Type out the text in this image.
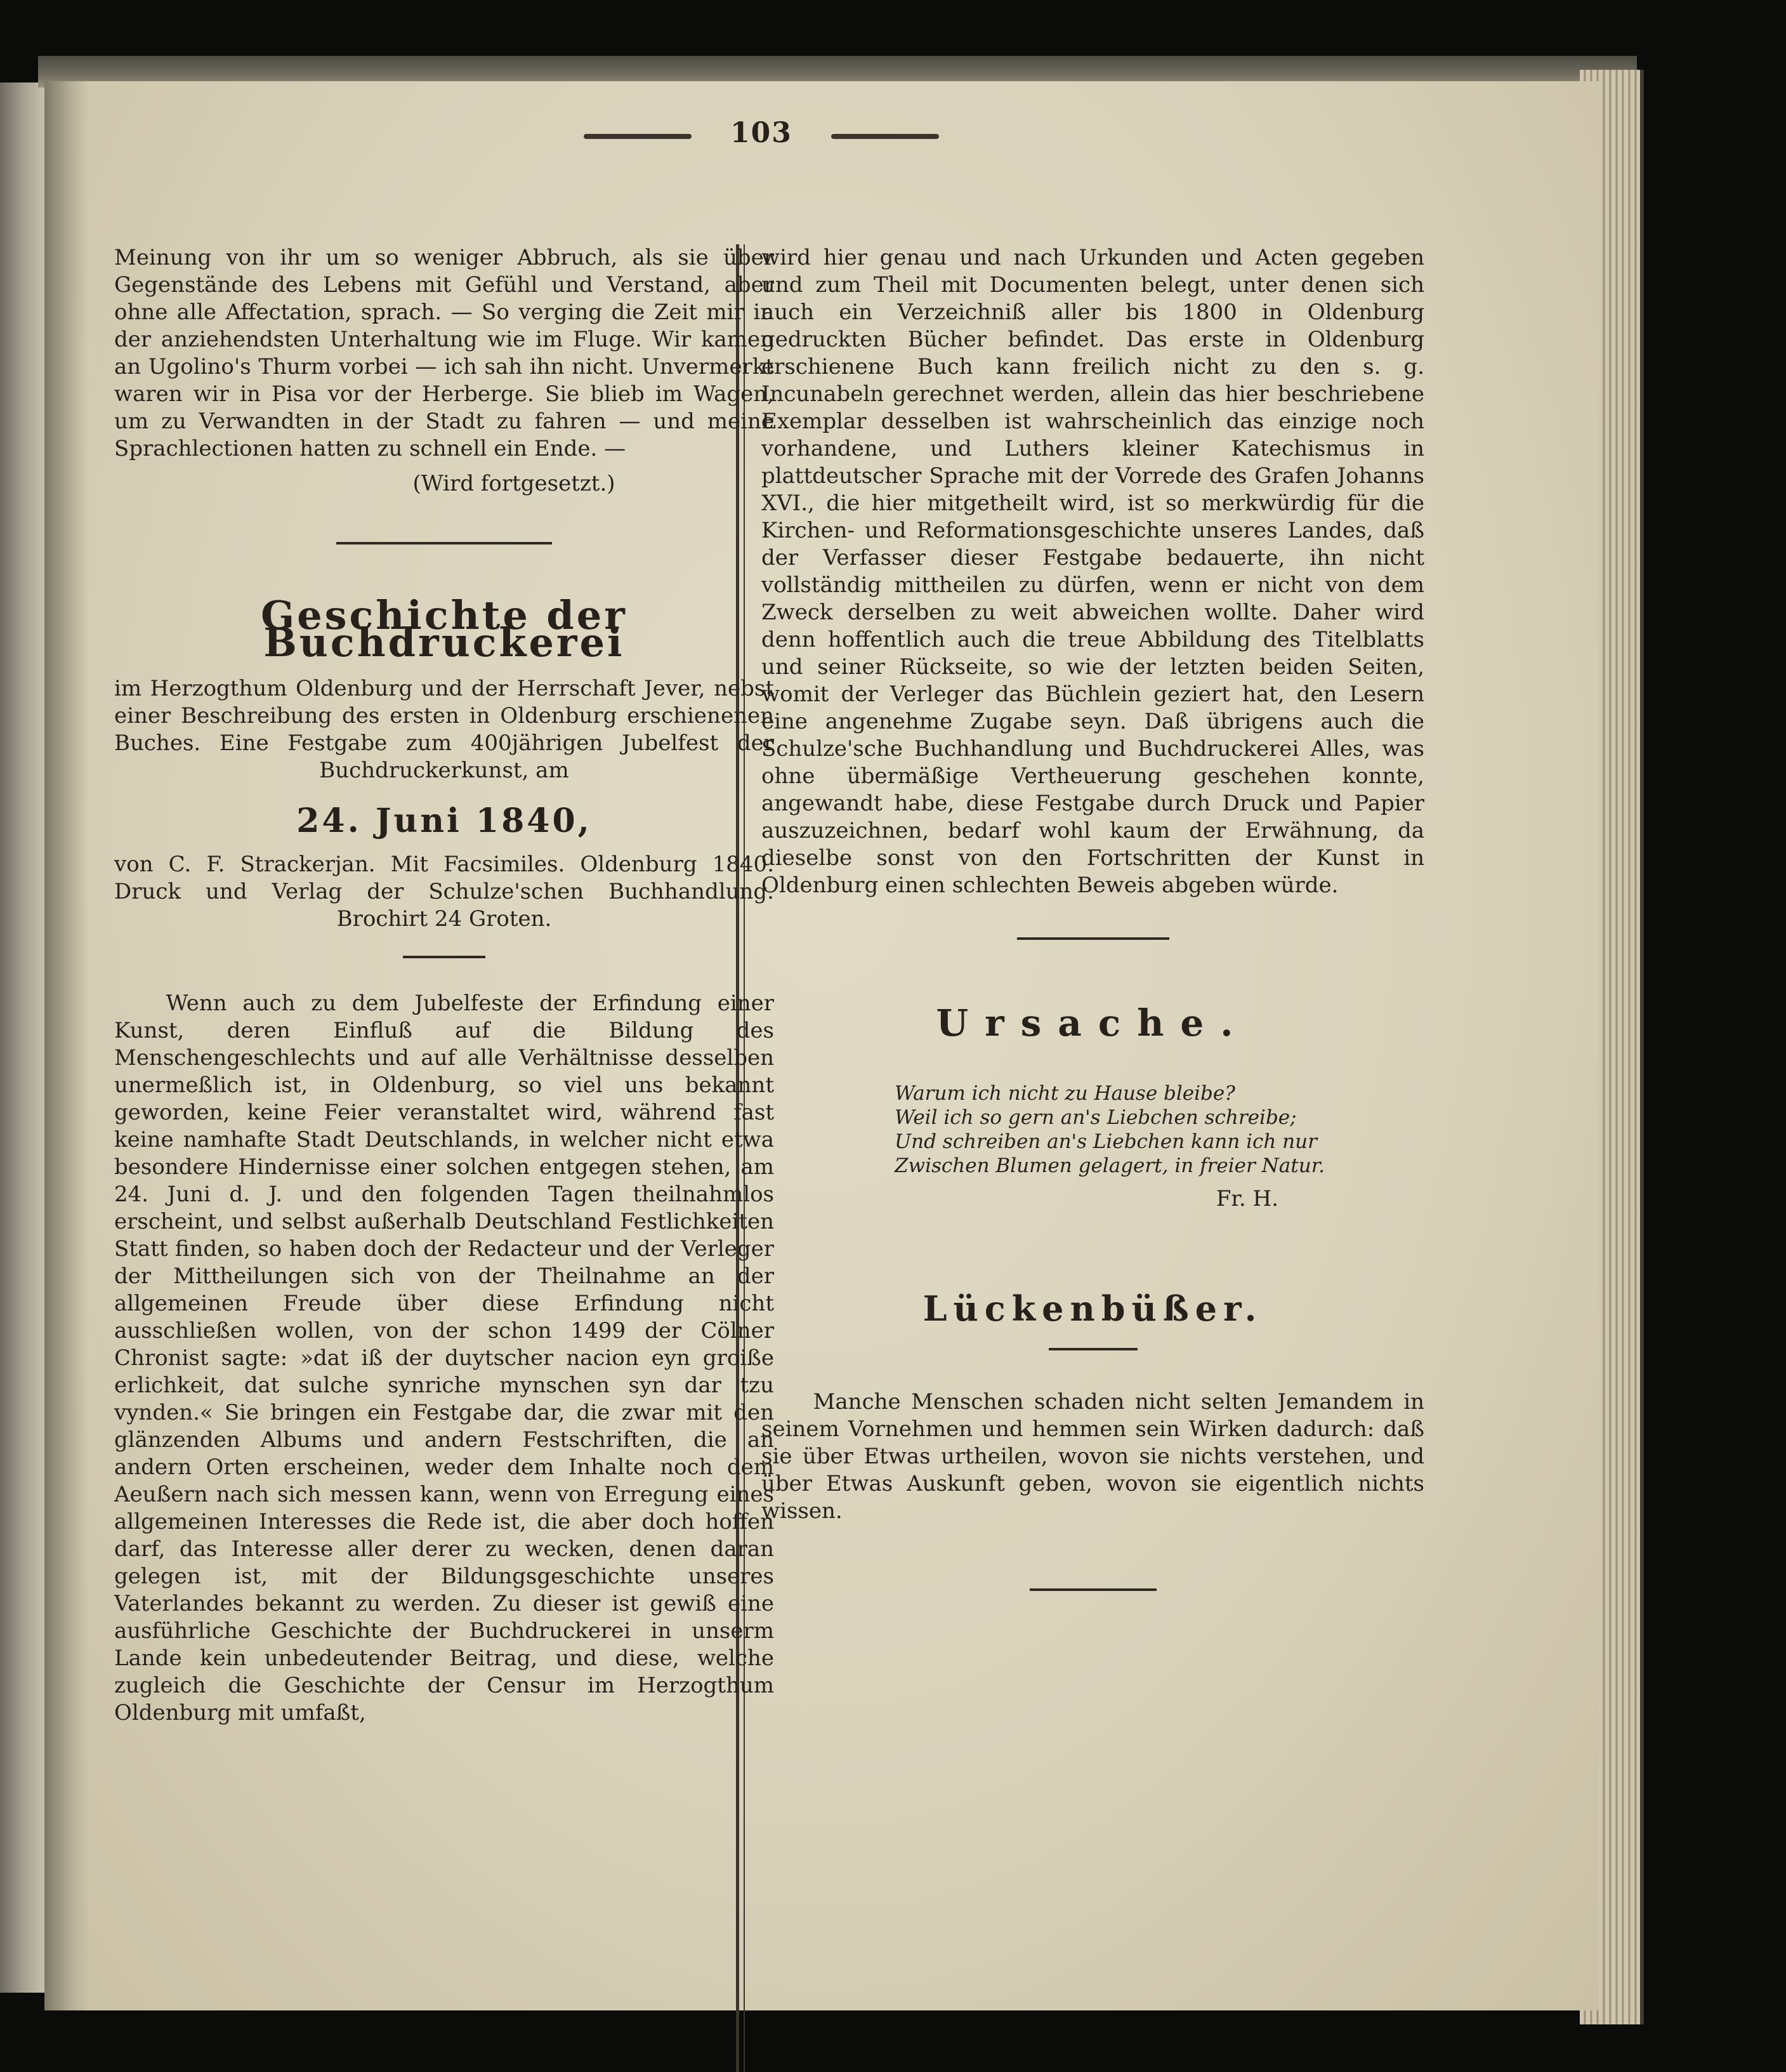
103

Meinung von ihr um so weniger Abbruch, als sie über Gegenstände des Lebens mit Gefühl und Verstand, aber ohne alle Affectation, sprach. — So verging die Zeit mir in der anziehendsten Unterhaltung wie im Fluge. Wir kamen an Ugolino's Thurm vorbei — ich sah ihn nicht. Unvermerkt waren wir in Pisa vor der Herberge. Sie blieb im Wagen, um zu Verwandten in der Stadt zu fahren — und meine Sprachlectionen hatten zu schnell ein Ende. —

(Wird fortgesetzt.)

Geschichte der Buchdruckerei

im Herzogthum Oldenburg und der Herrschaft Jever, nebst einer Beschreibung des ersten in Oldenburg erschienenen Buches. Eine Festgabe zum 400jährigen Jubelfest der Buchdruckerkunst, am

24. Juni 1840,

von C. F. Strackerjan. Mit Facsimiles. Oldenburg 1840. Druck und Verlag der Schulze'schen Buchhandlung. Brochirt 24 Groten.

Wenn auch zu dem Jubelfeste der Erfindung einer Kunst, deren Einfluß auf die Bildung des Menschengeschlechts und auf alle Verhältnisse desselben unermeßlich ist, in Oldenburg, so viel uns bekannt geworden, keine Feier veranstaltet wird, während fast keine namhafte Stadt Deutschlands, in welcher nicht etwa besondere Hindernisse einer solchen entgegen stehen, am 24. Juni d. J. und den folgenden Tagen theilnahmlos erscheint, und selbst außerhalb Deutschland Festlichkeiten Statt finden, so haben doch der Redacteur und der Verleger der Mittheilungen sich von der Theilnahme an der allgemeinen Freude über diese Erfindung nicht ausschließen wollen, von der schon 1499 der Cölner Chronist sagte: »dat iß der duytscher nacion eyn groiße erlichkeit, dat sulche synriche mynschen syn dar tzu vynden.« Sie bringen ein Festgabe dar, die zwar mit den glänzenden Albums und andern Festschriften, die an andern Orten erscheinen, weder dem Inhalte noch dem Aeußern nach sich messen kann, wenn von Erregung eines allgemeinen Interesses die Rede ist, die aber doch hoffen darf, das Interesse aller derer zu wecken, denen daran gelegen ist, mit der Bildungsgeschichte unseres Vaterlandes bekannt zu werden. Zu dieser ist gewiß eine ausführliche Geschichte der Buchdruckerei in unserm Lande kein unbedeutender Beitrag, und diese, welche zugleich die Geschichte der Censur im Herzogthum Oldenburg mit umfaßt,

wird hier genau und nach Urkunden und Acten gegeben und zum Theil mit Documenten belegt, unter denen sich auch ein Verzeichniß aller bis 1800 in Oldenburg gedruckten Bücher befindet. Das erste in Oldenburg erschienene Buch kann freilich nicht zu den s. g. Incunabeln gerechnet werden, allein das hier beschriebene Exemplar desselben ist wahrscheinlich das einzige noch vorhandene, und Luthers kleiner Katechismus in plattdeutscher Sprache mit der Vorrede des Grafen Johanns XVI., die hier mitgetheilt wird, ist so merkwürdig für die Kirchen- und Reformationsgeschichte unseres Landes, daß der Verfasser dieser Festgabe bedauerte, ihn nicht vollständig mittheilen zu dürfen, wenn er nicht von dem Zweck derselben zu weit abweichen wollte. Daher wird denn hoffentlich auch die treue Abbildung des Titelblatts und seiner Rückseite, so wie der letzten beiden Seiten, womit der Verleger das Büchlein geziert hat, den Lesern eine angenehme Zugabe seyn. Daß übrigens auch die Schulze'sche Buchhandlung und Buchdruckerei Alles, was ohne übermäßige Vertheuerung geschehen konnte, angewandt habe, diese Festgabe durch Druck und Papier auszuzeichnen, bedarf wohl kaum der Erwähnung, da dieselbe sonst von den Fortschritten der Kunst in Oldenburg einen schlechten Beweis abgeben würde.

Ursache.
Warum ich nicht zu Hause bleibe?
Weil ich so gern an's Liebchen schreibe;
Und schreiben an's Liebchen kann ich nur
Zwischen Blumen gelagert, in freier Natur.
Fr. H.
Lückenbüßer.

Manche Menschen schaden nicht selten Jemandem in seinem Vornehmen und hemmen sein Wirken dadurch: daß sie über Etwas urtheilen, wovon sie nichts verstehen, und über Etwas Auskunft geben, wovon sie eigentlich nichts wissen.
